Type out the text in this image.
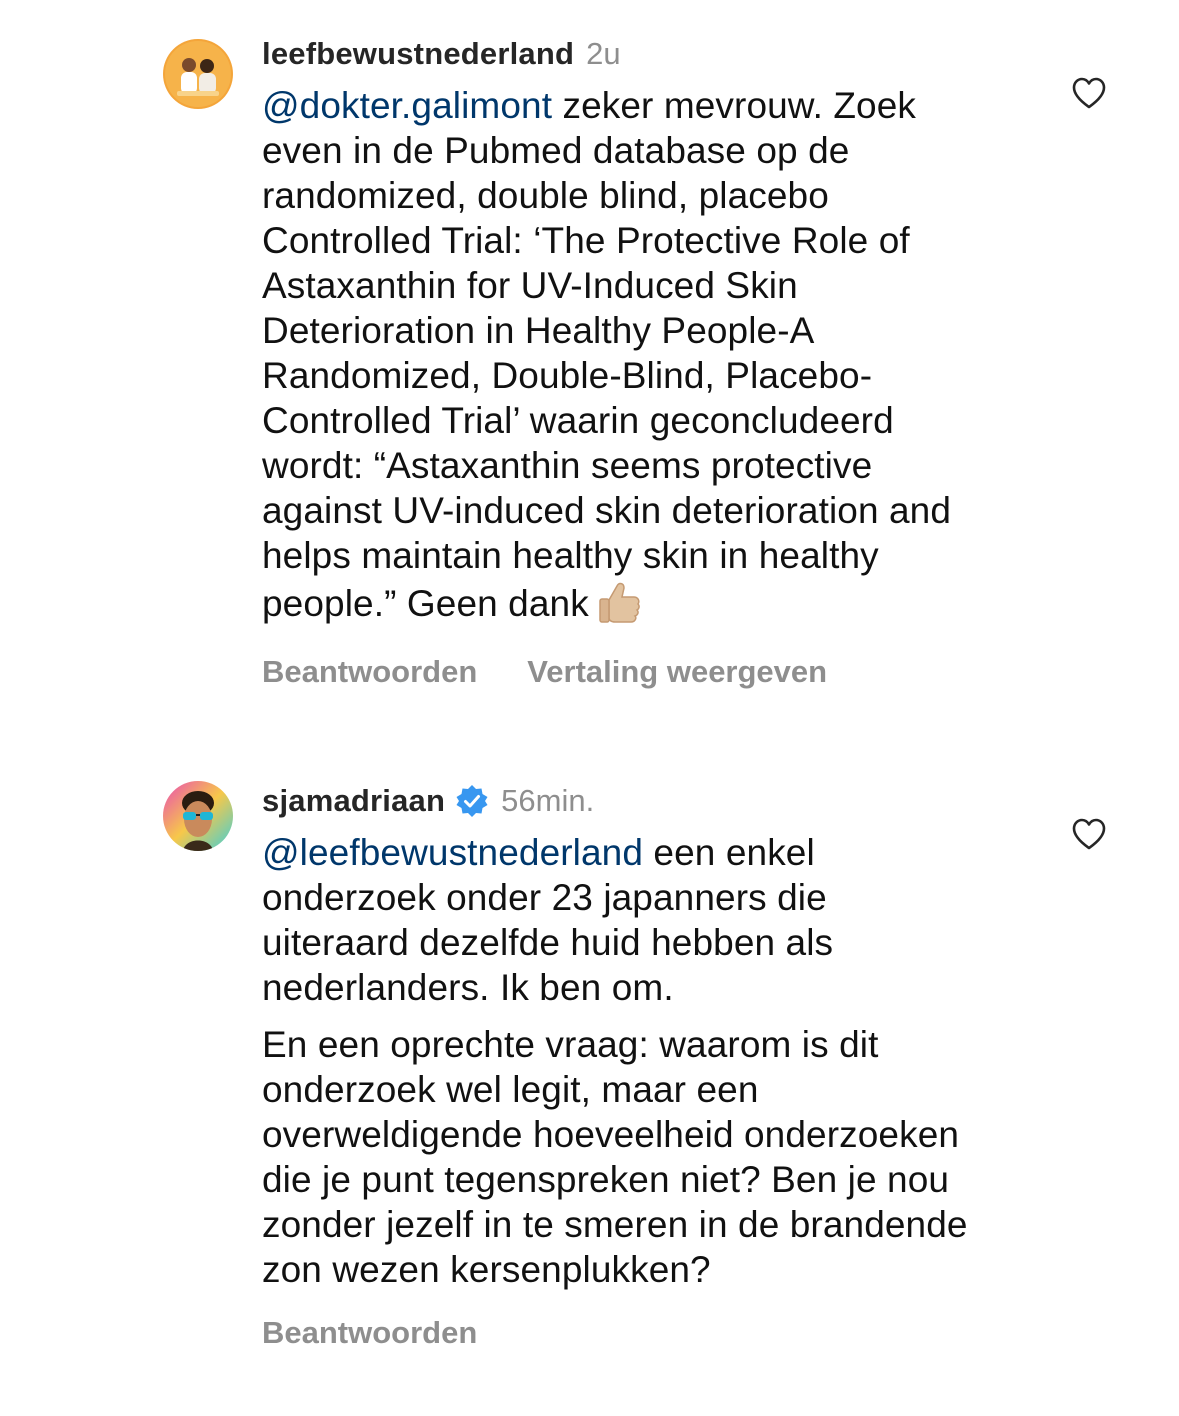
leefbewustnederland 2u

@dokter.galimont zeker mevrouw. Zoek even in de Pubmed database op de randomized, double blind, placebo Controlled Trial: ‘The Protective Role of Astaxanthin for UV-Induced Skin Deterioration in Healthy People-A Randomized, Double-Blind, Placebo-Controlled Trial’ waarin geconcludeerd wordt: “Astaxanthin seems protective against UV-induced skin deterioration and helps maintain healthy skin in healthy people.” Geen dank

Beantwoorden Vertaling weergeven
sjamadriaan 56min.

@leefbewustnederland een enkel onderzoek onder 23 japanners die uiteraard dezelfde huid hebben als nederlanders. Ik ben om.

En een oprechte vraag: waarom is dit onderzoek wel legit, maar een overweldigende hoeveelheid onderzoeken die je punt tegenspreken niet? Ben je nou zonder jezelf in te smeren in de brandende zon wezen kersenplukken?

Beantwoorden
